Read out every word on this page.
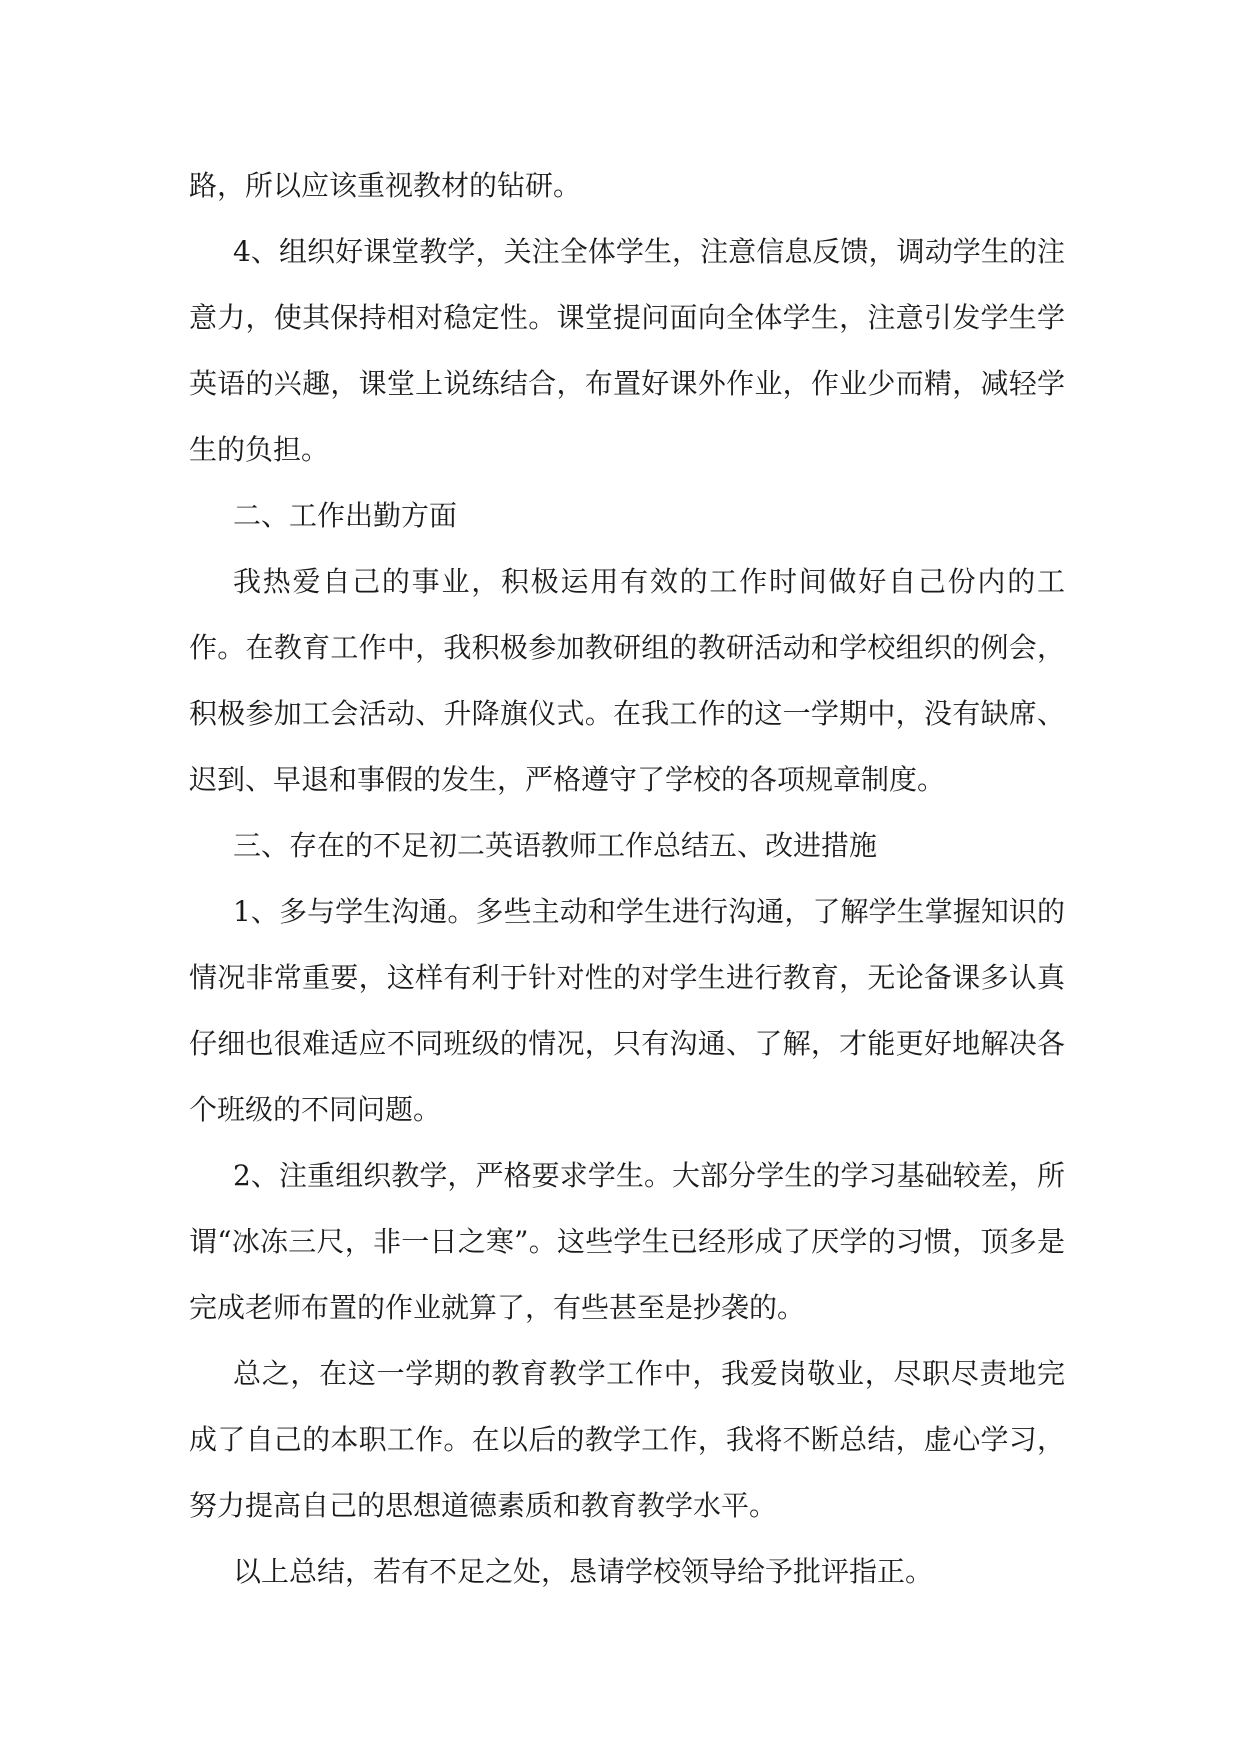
路，所以应该重视教材的钻研。

4、组织好课堂教学，关注全体学生，注意信息反馈，调动学生的注意力，使其保持相对稳定性。课堂提问面向全体学生，注意引发学生学英语的兴趣，课堂上说练结合，布置好课外作业，作业少而精，减轻学生的负担。

二、工作出勤方面

我热爱自己的事业，积极运用有效的工作时间做好自己份内的工作。在教育工作中，我积极参加教研组的教研活动和学校组织的例会，积极参加工会活动、升降旗仪式。在我工作的这一学期中，没有缺席、迟到、早退和事假的发生，严格遵守了学校的各项规章制度。

三、存在的不足初二英语教师工作总结五、改进措施

1、多与学生沟通。多些主动和学生进行沟通，了解学生掌握知识的情况非常重要，这样有利于针对性的对学生进行教育，无论备课多认真仔细也很难适应不同班级的情况，只有沟通、了解，才能更好地解决各个班级的不同问题。

2、注重组织教学，严格要求学生。大部分学生的学习基础较差，所谓“冰冻三尺，非一日之寒”。这些学生已经形成了厌学的习惯，顶多是完成老师布置的作业就算了，有些甚至是抄袭的。

总之，在这一学期的教育教学工作中，我爱岗敬业，尽职尽责地完成了自己的本职工作。在以后的教学工作，我将不断总结，虚心学习，努力提高自己的思想道德素质和教育教学水平。

以上总结，若有不足之处，恳请学校领导给予批评指正。
